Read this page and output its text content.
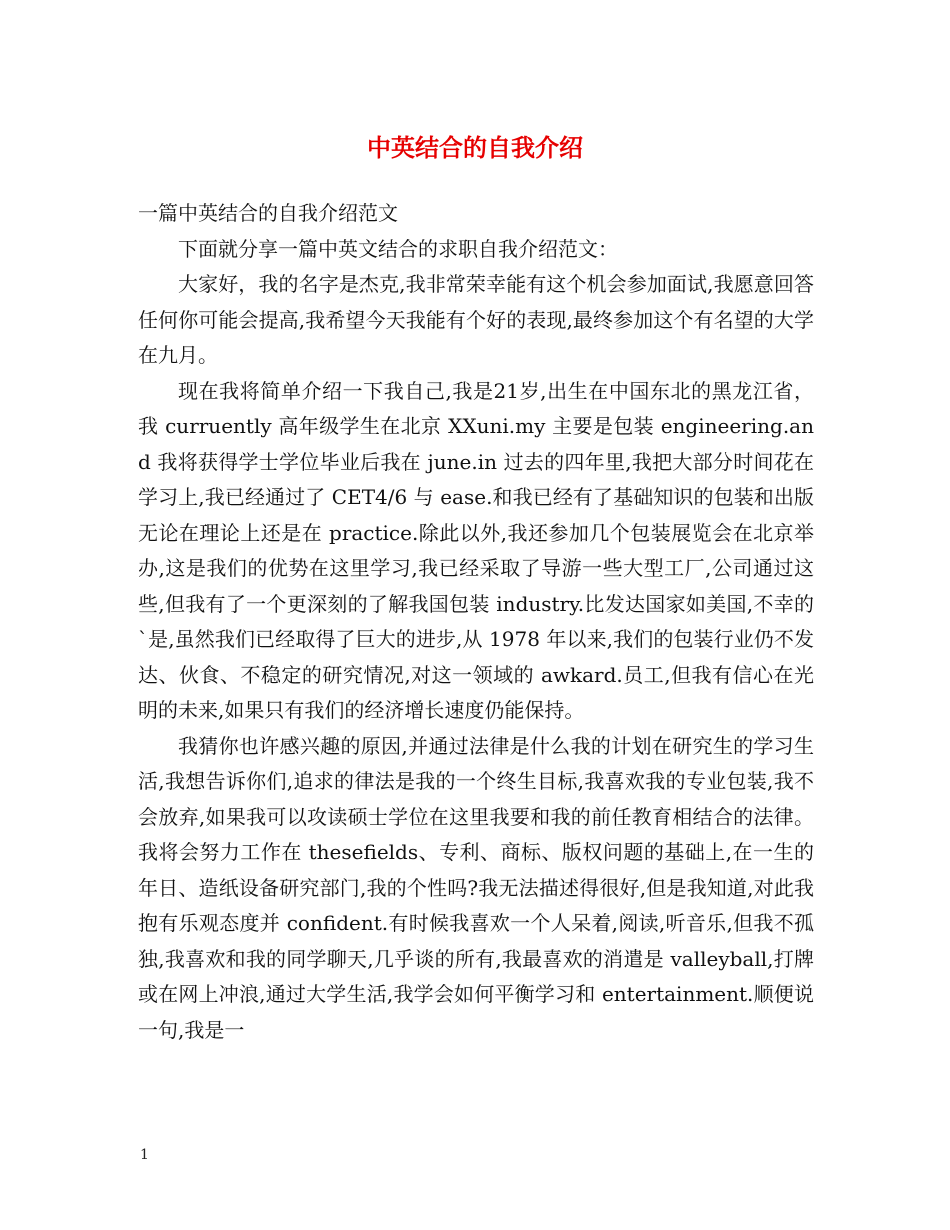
中英结合的自我介绍

一篇中英结合的自我介绍范文

下面就分享一篇中英文结合的求职自我介绍范文：

大家好，我的名字是杰克,我非常荣幸能有这个机会参加面试,我愿意回答任何你可能会提高,我希望今天我能有个好的表现,最终参加这个有名望的大学在九月。

现在我将简单介绍一下我自己,我是21岁,出生在中国东北的黑龙江省，我 curruently 高年级学生在北京 XXuni.my 主要是包装 engineering.and 我将获得学士学位毕业后我在 june.in 过去的四年里,我把大部分时间花在学习上,我已经通过了 CET4/6 与 ease.和我已经有了基础知识的包装和出版无论在理论上还是在 practice.除此以外,我还参加几个包装展览会在北京举办,这是我们的优势在这里学习,我已经采取了导游一些大型工厂,公司通过这些,但我有了一个更深刻的了解我国包装 industry.比发达国家如美国,不幸的`是,虽然我们已经取得了巨大的进步,从 1978 年以来,我们的包装行业仍不发达、伙食、不稳定的研究情况,对这一领域的 awkard.员工,但我有信心在光明的未来,如果只有我们的经济增长速度仍能保持。

我猜你也许感兴趣的原因,并通过法律是什么我的计划在研究生的学习生活,我想告诉你们,追求的律法是我的一个终生目标,我喜欢我的专业包装,我不会放弃,如果我可以攻读硕士学位在这里我要和我的前任教育相结合的法律。我将会努力工作在 thesefields、专利、商标、版权问题的基础上,在一生的年日、造纸设备研究部门,我的个性吗?我无法描述得很好,但是我知道,对此我抱有乐观态度并 confident.有时候我喜欢一个人呆着,阅读,听音乐,但我不孤独,我喜欢和我的同学聊天,几乎谈的所有,我最喜欢的消遣是 valleyball,打牌或在网上冲浪,通过大学生活,我学会如何平衡学习和 entertainment.顺便说一句,我是一

1
